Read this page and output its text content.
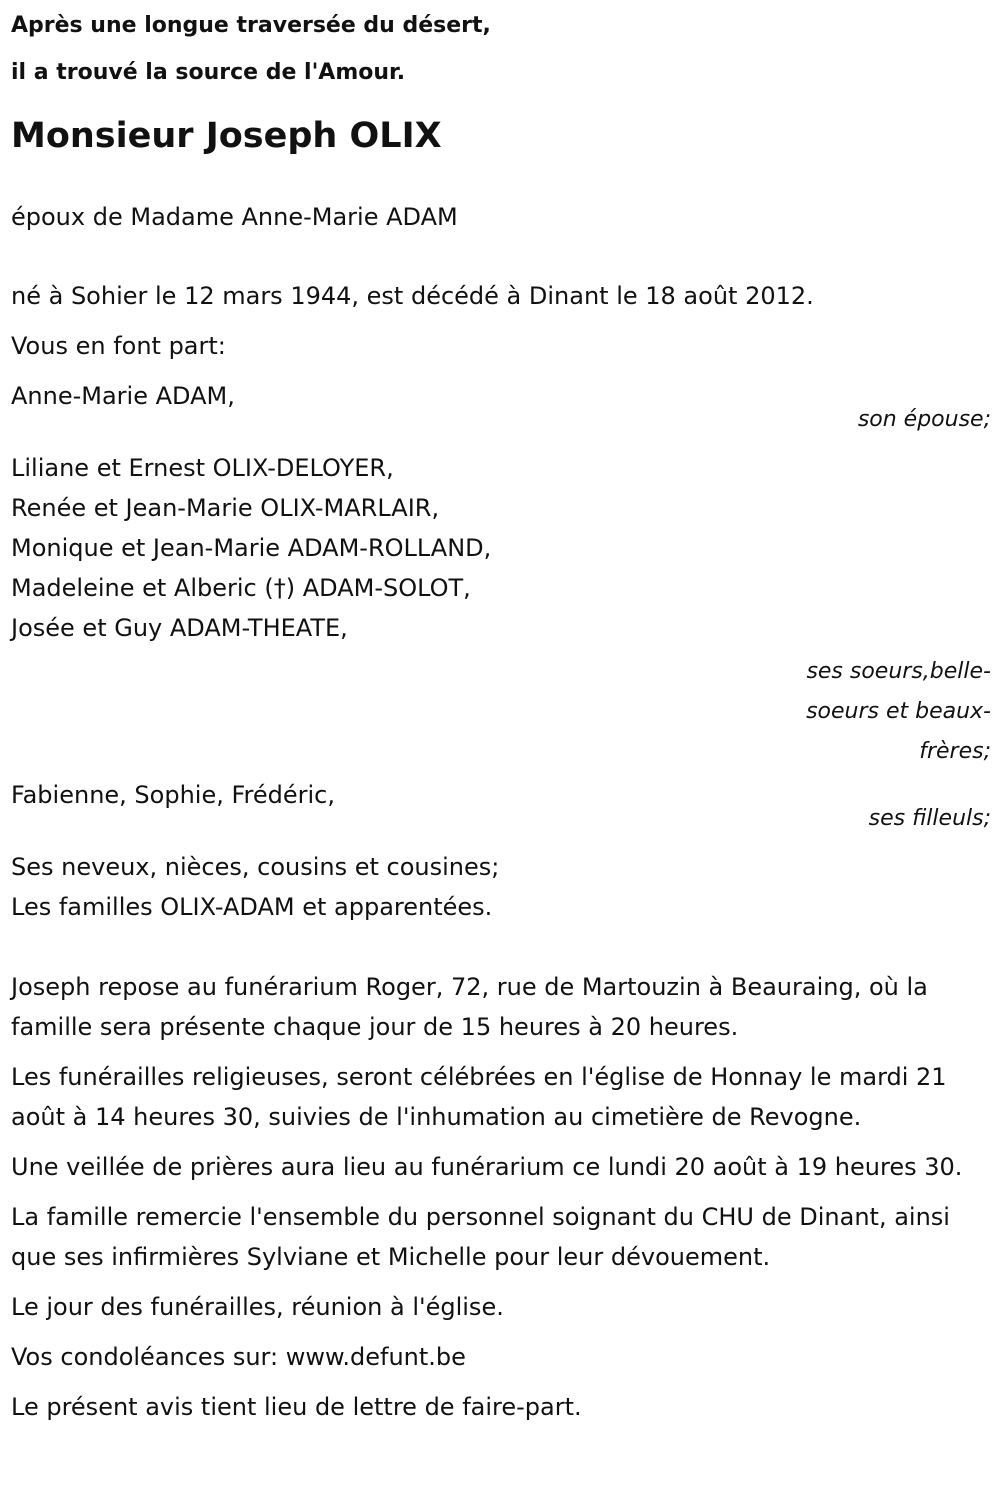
Après une longue traversée du désert,

il a trouvé la source de l'Amour.

Monsieur Joseph OLIX

époux de Madame Anne-Marie ADAM

né à Sohier le 12 mars 1944, est décédé à Dinant le 18 août 2012.

Vous en font part:

Anne-Marie ADAM,

son épouse;

Liliane et Ernest OLIX-DELOYER,

Renée et Jean-Marie OLIX-MARLAIR,

Monique et Jean-Marie ADAM-ROLLAND,

Madeleine et Alberic (†) ADAM-SOLOT,

Josée et Guy ADAM-THEATE,

ses soeurs,belle-soeurs et beaux-frères;

Fabienne, Sophie, Frédéric,

ses filleuls;

Ses neveux, nièces, cousins et cousines;

Les familles OLIX-ADAM et apparentées.

Joseph repose au funérarium Roger, 72, rue de Martouzin à Beauraing, où la famille sera présente chaque jour de 15 heures à 20 heures.

Les funérailles religieuses, seront célébrées en l'église de Honnay le mardi 21 août à 14 heures 30, suivies de l'inhumation au cimetière de Revogne.

Une veillée de prières aura lieu au funérarium ce lundi 20 août à 19 heures 30.

La famille remercie l'ensemble du personnel soignant du CHU de Dinant, ainsi que ses infirmières Sylviane et Michelle pour leur dévouement.

Le jour des funérailles, réunion à l'église.

Vos condoléances sur: www.defunt.be

Le présent avis tient lieu de lettre de faire-part.
